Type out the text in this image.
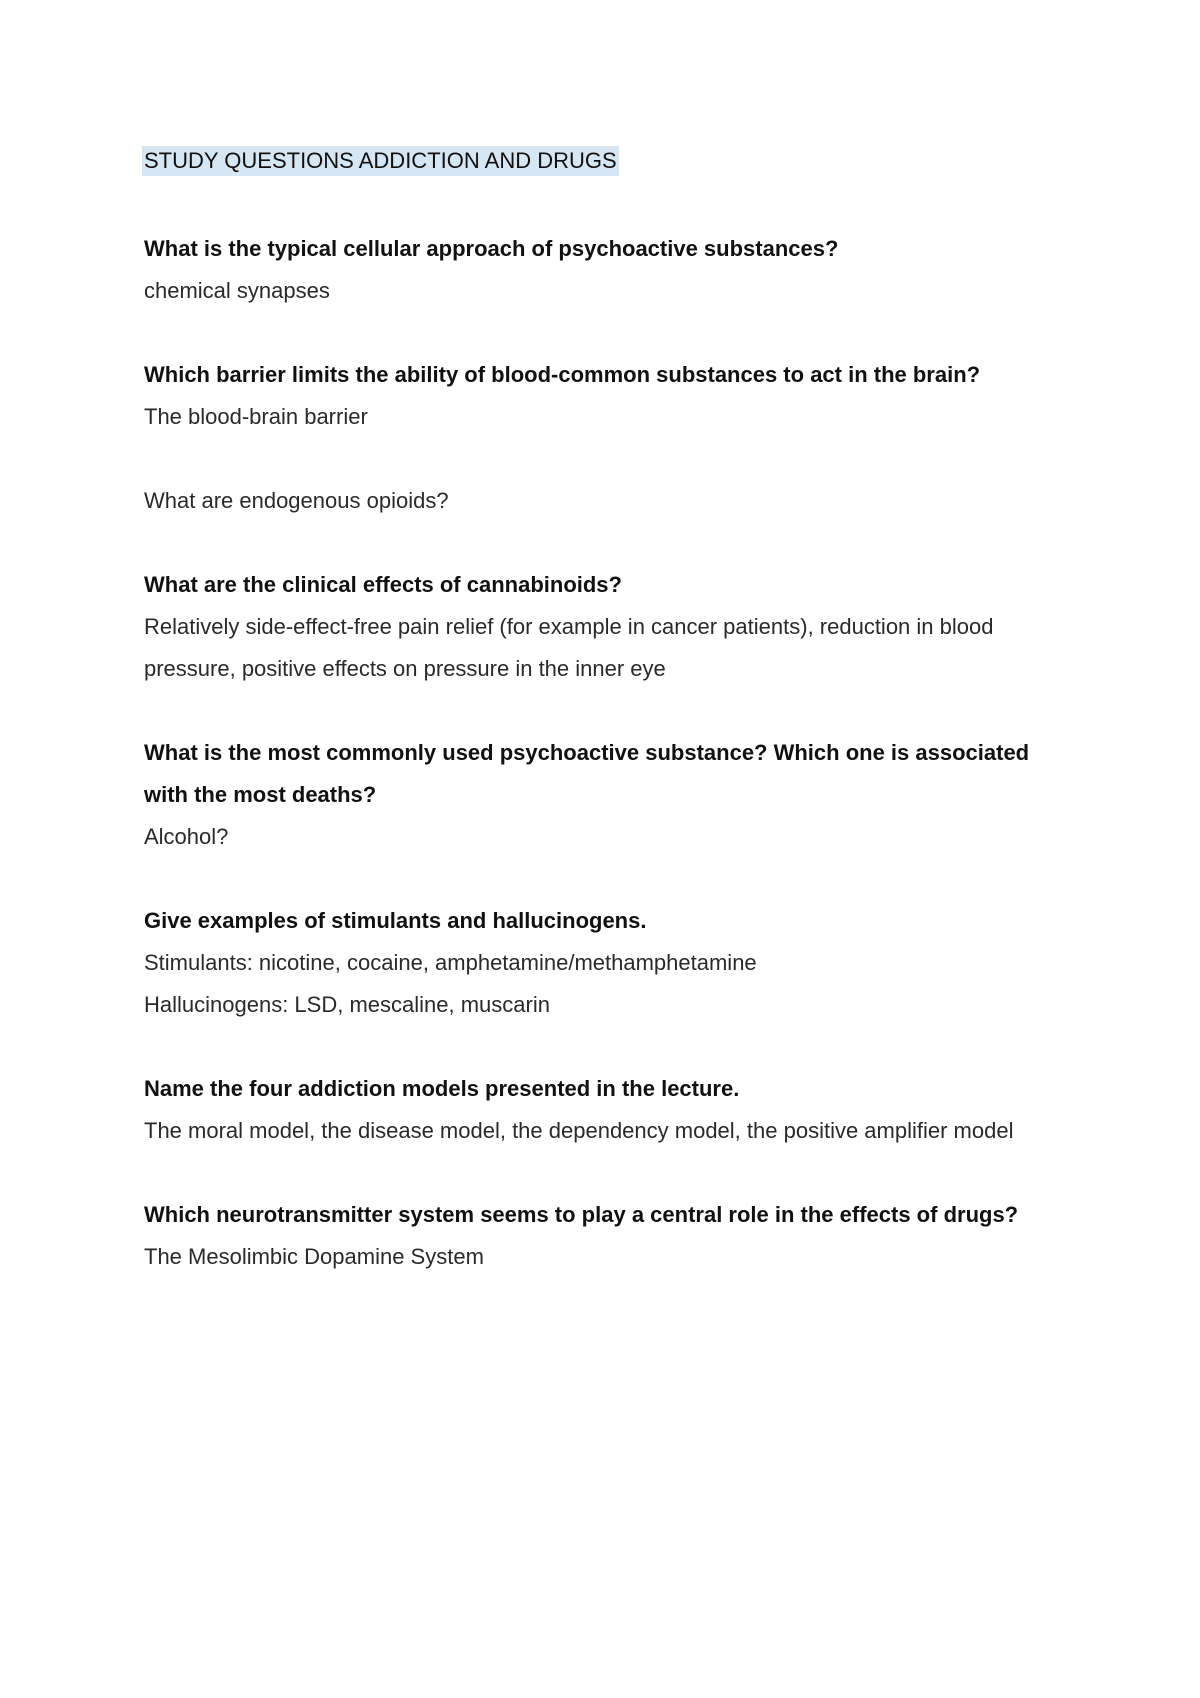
STUDY QUESTIONS ADDICTION AND DRUGS
What is the typical cellular approach of psychoactive substances?
chemical synapses
Which barrier limits the ability of blood-common substances to act in the brain?
The blood-brain barrier
What are endogenous opioids?
What are the clinical effects of cannabinoids?
Relatively side-effect-free pain relief (for example in cancer patients), reduction in blood pressure, positive effects on pressure in the inner eye
What is the most commonly used psychoactive substance? Which one is associated with the most deaths?
Alcohol?
Give examples of stimulants and hallucinogens.
Stimulants: nicotine, cocaine, amphetamine/methamphetamine
Hallucinogens: LSD, mescaline, muscarin
Name the four addiction models presented in the lecture.
The moral model, the disease model, the dependency model, the positive amplifier model
Which neurotransmitter system seems to play a central role in the effects of drugs?
The Mesolimbic Dopamine System
